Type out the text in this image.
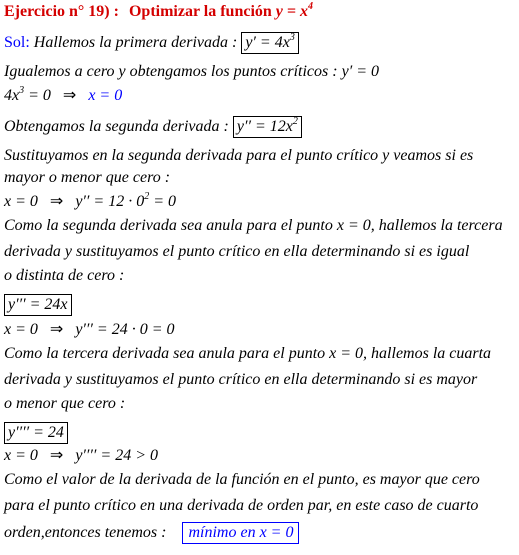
Ejercicio n° 19) : Optimizar la función $y = x^4$
Sol: Hallemos la primera derivada : $y' = 4x^3$
Igualemos a cero y obtengamos los puntos críticos : y′ = 0
$4x^3 = 0$ ⇒ x = 0
Obtengamos la segunda derivada : $y'' = 12x^2$
Sustituyamos en la segunda derivada para el punto crítico y veamos si es
mayor o menor que cero :
x = 0 ⇒ $y'' = 12 \cdot 0^2 = 0$
Como la segunda derivada sea anula para el punto x = 0, hallemos la tercera
derivada y sustituyamos el punto crítico en ella determinando si es igual
o distinta de cero :
y′′′ = 24x
x = 0 ⇒ y′′′ = 24 · 0 = 0
Como la tercera derivada sea anula para el punto x = 0, hallemos la cuarta
derivada y sustituyamos el punto crítico en ella determinando si es mayor
o menor que cero :
y′′′′ = 24
x = 0 ⇒ y′′′′ = 24 > 0
Como el valor de la derivada de la función en el punto, es mayor que cero
para el punto crítico en una derivada de orden par, en este caso de cuarto
orden,entonces tenemos : mínimo en x = 0
